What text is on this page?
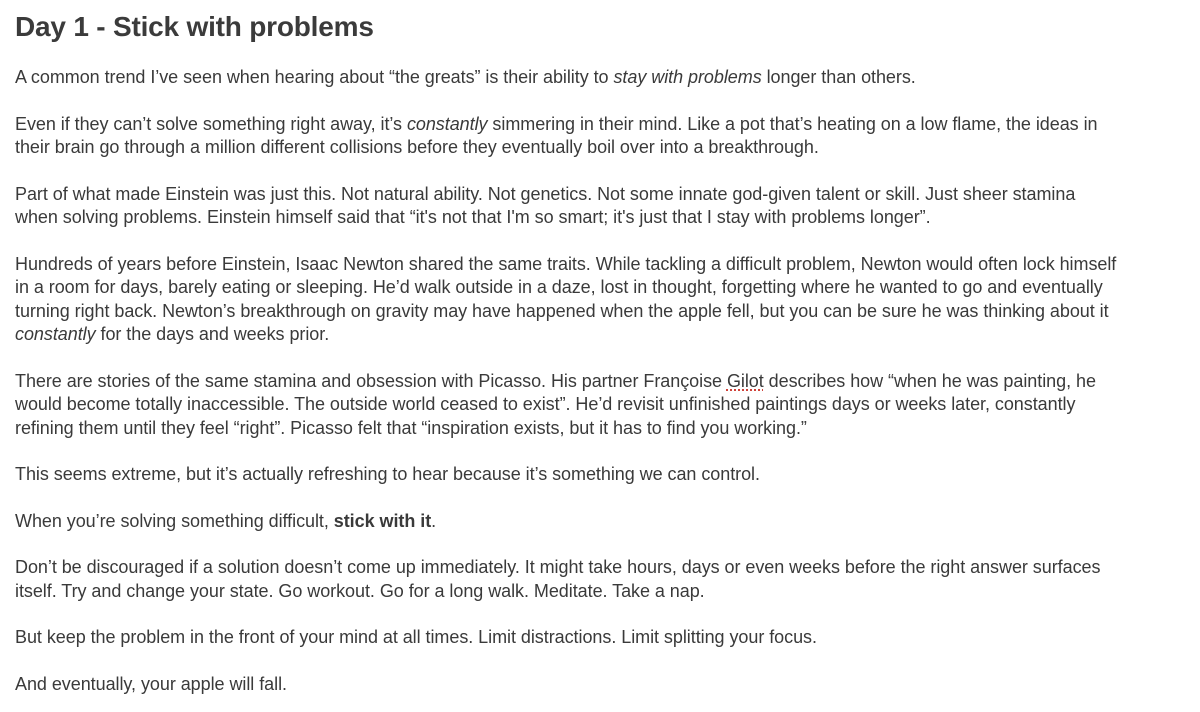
Day 1 - Stick with problems

A common trend I’ve seen when hearing about “the greats” is their ability to stay with problems longer than others.

Even if they can’t solve something right away, it’s constantly simmering in their mind. Like a pot that’s heating on a low flame, the ideas in
their brain go through a million different collisions before they eventually boil over into a breakthrough.

Part of what made Einstein was just this. Not natural ability. Not genetics. Not some innate god-given talent or skill. Just sheer stamina
when solving problems. Einstein himself said that “it's not that I'm so smart; it's just that I stay with problems longer”.

Hundreds of years before Einstein, Isaac Newton shared the same traits. While tackling a difficult problem, Newton would often lock himself
in a room for days, barely eating or sleeping. He’d walk outside in a daze, lost in thought, forgetting where he wanted to go and eventually
turning right back. Newton’s breakthrough on gravity may have happened when the apple fell, but you can be sure he was thinking about it
constantly for the days and weeks prior.

There are stories of the same stamina and obsession with Picasso. His partner Françoise Gilot describes how “when he was painting, he
would become totally inaccessible. The outside world ceased to exist”. He’d revisit unfinished paintings days or weeks later, constantly
refining them until they feel “right”. Picasso felt that “inspiration exists, but it has to find you working.”

This seems extreme, but it’s actually refreshing to hear because it’s something we can control.

When you’re solving something difficult, stick with it.

Don’t be discouraged if a solution doesn’t come up immediately. It might take hours, days or even weeks before the right answer surfaces
itself. Try and change your state. Go workout. Go for a long walk. Meditate. Take a nap.

But keep the problem in the front of your mind at all times. Limit distractions. Limit splitting your focus.

And eventually, your apple will fall.
